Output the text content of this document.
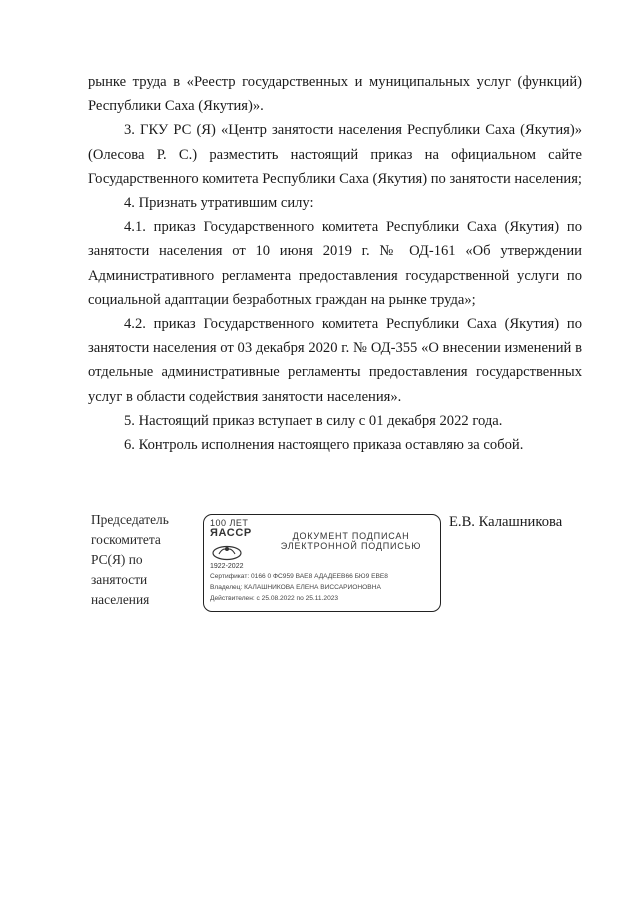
рынке труда в «Реестр государственных и муниципальных услуг (функций) Республики Саха (Якутия)».

3. ГКУ РС (Я) «Центр занятости населения Республики Саха (Якутия)» (Олесова Р. С.) разместить настоящий приказ на официальном сайте Государственного комитета Республики Саха (Якутия) по занятости населения;

4. Признать утратившим силу:

4.1. приказ Государственного комитета Республики Саха (Якутия) по занятости населения от 10 июня 2019 г. № ОД-161 «Об утверждении Административного регламента предоставления государственной услуги по социальной адаптации безработных граждан на рынке труда»;

4.2. приказ Государственного комитета Республики Саха (Якутия) по занятости населения от 03 декабря 2020 г. № ОД-355 «О внесении изменений в отдельные административные регламенты предоставления государственных услуг в области содействия занятости населения».

5. Настоящий приказ вступает в силу с 01 декабря 2022 года.

6. Контроль исполнения настоящего приказа оставляю за собой.

Председатель
госкомитета
РС(Я) по
занятости
населения
100 ЛЕТ
ЯАССР
1922-2022
ДОКУМЕНТ ПОДПИСАН
ЭЛЕКТРОННОЙ ПОДПИСЬЮ
Сертификат: 0166 0 ФС959 ВАЕ8 АДАДЕЕВ66 БЮ9 ЕВЕ8
Владелец: КАЛАШНИКОВА ЕЛЕНА ВИССАРИОНОВНА
Действителен: с 25.08.2022 по 25.11.2023
Е.В. Калашникова
